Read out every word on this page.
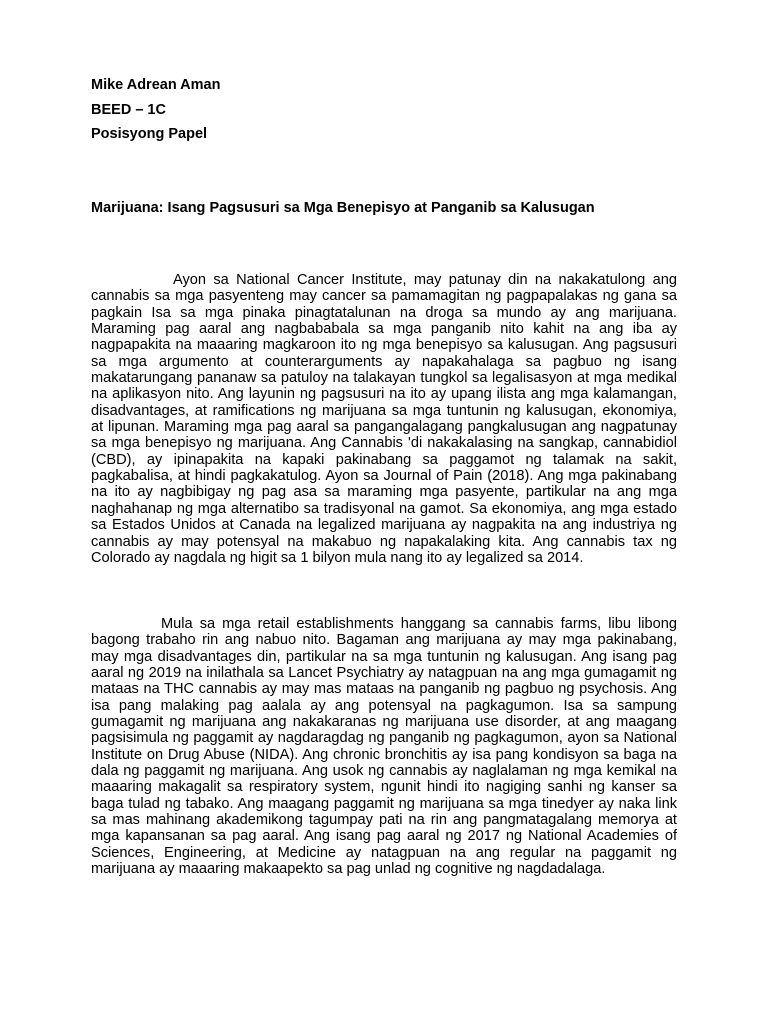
Mike Adrean Aman
BEED – 1C
Posisyong Papel
Marijuana: Isang Pagsusuri sa Mga Benepisyo at Panganib sa Kalusugan

Ayon sa National Cancer Institute, may patunay din na nakakatulong ang cannabis sa mga pasyenteng may cancer sa pamamagitan ng pagpapalakas ng gana sa pagkain Isa sa mga pinaka pinagtatalunan na droga sa mundo ay ang marijuana. Maraming pag aaral ang nagbababala sa mga panganib nito kahit na ang iba ay nagpapakita na maaaring magkaroon ito ng mga benepisyo sa kalusugan. Ang pagsusuri sa mga argumento at counterarguments ay napakahalaga sa pagbuo ng isang makatarungang pananaw sa patuloy na talakayan tungkol sa legalisasyon at mga medikal na aplikasyon nito. Ang layunin ng pagsusuri na ito ay upang ilista ang mga kalamangan, disadvantages, at ramifications ng marijuana sa mga tuntunin ng kalusugan, ekonomiya, at lipunan. Maraming mga pag aaral sa pangangalagang pangkalusugan ang nagpatunay sa mga benepisyo ng marijuana. Ang Cannabis 'di nakakalasing na sangkap, cannabidiol (CBD), ay ipinapakita na kapaki pakinabang sa paggamot ng talamak na sakit, pagkabalisa, at hindi pagkakatulog. Ayon sa Journal of Pain (2018). Ang mga pakinabang na ito ay nagbibigay ng pag asa sa maraming mga pasyente, partikular na ang mga naghahanap ng mga alternatibo sa tradisyonal na gamot. Sa ekonomiya, ang mga estado sa Estados Unidos at Canada na legalized marijuana ay nagpakita na ang industriya ng cannabis ay may potensyal na makabuo ng napakalaking kita. Ang cannabis tax ng Colorado ay nagdala ng higit sa 1 bilyon mula nang ito ay legalized sa 2014.

Mula sa mga retail establishments hanggang sa cannabis farms, libu libong bagong trabaho rin ang nabuo nito. Bagaman ang marijuana ay may mga pakinabang, may mga disadvantages din, partikular na sa mga tuntunin ng kalusugan. Ang isang pag aaral ng 2019 na inilathala sa Lancet Psychiatry ay natagpuan na ang mga gumagamit ng mataas na THC cannabis ay may mas mataas na panganib ng pagbuo ng psychosis. Ang isa pang malaking pag aalala ay ang potensyal na pagkagumon. Isa sa sampung gumagamit ng marijuana ang nakakaranas ng marijuana use disorder, at ang maagang pagsisimula ng paggamit ay nagdaragdag ng panganib ng pagkagumon, ayon sa National Institute on Drug Abuse (NIDA). Ang chronic bronchitis ay isa pang kondisyon sa baga na dala ng paggamit ng marijuana. Ang usok ng cannabis ay naglalaman ng mga kemikal na maaaring makagalit sa respiratory system, ngunit hindi ito nagiging sanhi ng kanser sa baga tulad ng tabako. Ang maagang paggamit ng marijuana sa mga tinedyer ay naka link sa mas mahinang akademikong tagumpay pati na rin ang pangmatagalang memorya at mga kapansanan sa pag aaral. Ang isang pag aaral ng 2017 ng National Academies of Sciences, Engineering, at Medicine ay natagpuan na ang regular na paggamit ng marijuana ay maaaring makaapekto sa pag unlad ng cognitive ng nagdadalaga.
